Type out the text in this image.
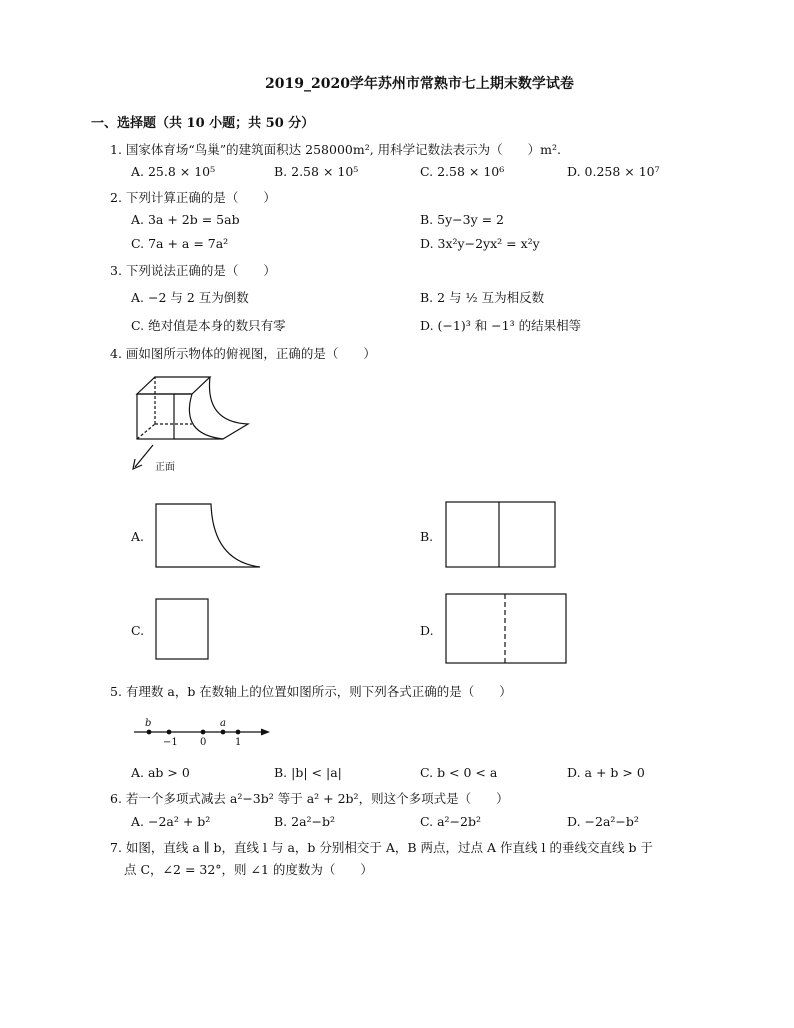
2019_2020学年苏州市常熟市七上期末数学试卷
一、选择题（共 10 小题；共 50 分）
1. 国家体育场“鸟巢”的建筑面积达 258000m², 用科学记数法表示为（　　）m².
A. 25.8 × 10⁵	B. 2.58 × 10⁵	C. 2.58 × 10⁶	D. 0.258 × 10⁷
2. 下列计算正确的是（　　）
A. 3a + 2b = 5ab	B. 5y−3y = 2
C. 7a + a = 7a²	D. 3x²y−2yx² = x²y
3. 下列说法正确的是（　　）
A. −2 与 2 互为倒数	B. 2 与 ½ 互为相反数
C. 绝对值是本身的数只有零	D. (−1)³ 和 −1³ 的结果相等
4. 画如图所示物体的俯视图，正确的是（　　）
正面
A.	B.
C.	D.
5. 有理数 a，b 在数轴上的位置如图所示，则下列各式正确的是（　　）
b	a
−1 0	1
A. ab > 0	B. |b| < |a|	C. b < 0 < a	D. a + b > 0
6. 若一个多项式减去 a²−3b² 等于 a² + 2b²，则这个多项式是（　　）
A. −2a² + b²	B. 2a²−b²	C. a²−2b²	D. −2a²−b²
7. 如图，直线 a ∥ b，直线 l 与 a，b 分别相交于 A，B 两点，过点 A 作直线 l 的垂线交直线 b 于
点 C，∠2 = 32°，则 ∠1 的度数为（　　）
